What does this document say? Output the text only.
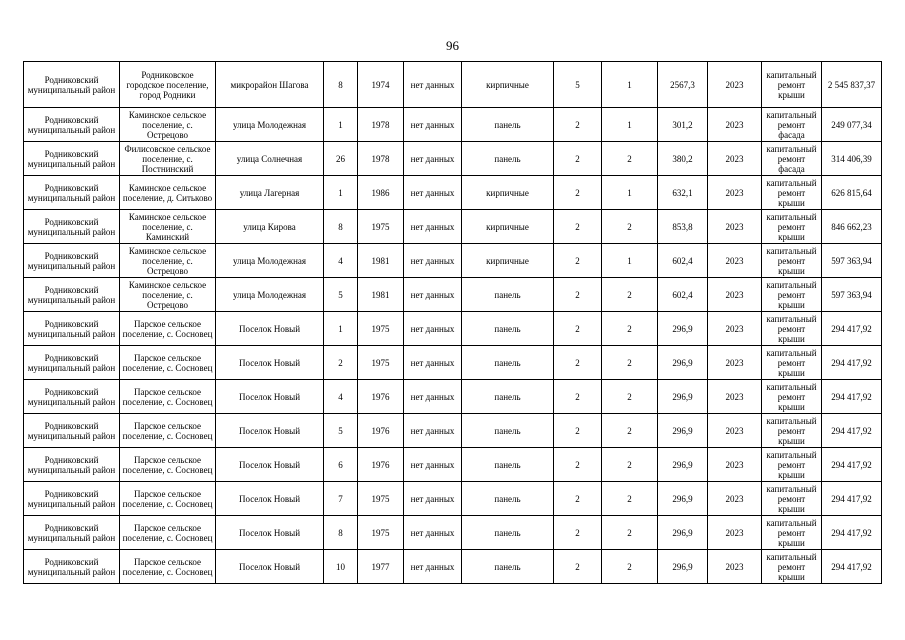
96
Родниковский муниципальный район	Родниковское городское поселение, город Родники	микрорайон Шагова	8	1974	нет данных	кирпичные	5	1	2567,3	2023	капитальный ремонт крыши	2 545 837,37
Родниковский муниципальный район	Каминское сельское поселение, с. Острецово	улица Молодежная	1	1978	нет данных	панель	2	1	301,2	2023	капитальный ремонт фасада	249 077,34
Родниковский муниципальный район	Филисовское сельское поселение, с. Постнинский	улица Солнечная	26	1978	нет данных	панель	2	2	380,2	2023	капитальный ремонт фасада	314 406,39
Родниковский муниципальный район	Каминское сельское поселение, д. Ситьково	улица Лагерная	1	1986	нет данных	кирпичные	2	1	632,1	2023	капитальный ремонт крыши	626 815,64
Родниковский муниципальный район	Каминское сельское поселение, с. Каминский	улица Кирова	8	1975	нет данных	кирпичные	2	2	853,8	2023	капитальный ремонт крыши	846 662,23
Родниковский муниципальный район	Каминское сельское поселение, с. Острецово	улица Молодежная	4	1981	нет данных	кирпичные	2	1	602,4	2023	капитальный ремонт крыши	597 363,94
Родниковский муниципальный район	Каминское сельское поселение, с. Острецово	улица Молодежная	5	1981	нет данных	панель	2	2	602,4	2023	капитальный ремонт крыши	597 363,94
Родниковский муниципальный район	Парское сельское поселение, с. Сосновец	Поселок Новый	1	1975	нет данных	панель	2	2	296,9	2023	капитальный ремонт крыши	294 417,92
Родниковский муниципальный район	Парское сельское поселение, с. Сосновец	Поселок Новый	2	1975	нет данных	панель	2	2	296,9	2023	капитальный ремонт крыши	294 417,92
Родниковский муниципальный район	Парское сельское поселение, с. Сосновец	Поселок Новый	4	1976	нет данных	панель	2	2	296,9	2023	капитальный ремонт крыши	294 417,92
Родниковский муниципальный район	Парское сельское поселение, с. Сосновец	Поселок Новый	5	1976	нет данных	панель	2	2	296,9	2023	капитальный ремонт крыши	294 417,92
Родниковский муниципальный район	Парское сельское поселение, с. Сосновец	Поселок Новый	6	1976	нет данных	панель	2	2	296,9	2023	капитальный ремонт крыши	294 417,92
Родниковский муниципальный район	Парское сельское поселение, с. Сосновец	Поселок Новый	7	1975	нет данных	панель	2	2	296,9	2023	капитальный ремонт крыши	294 417,92
Родниковский муниципальный район	Парское сельское поселение, с. Сосновец	Поселок Новый	8	1975	нет данных	панель	2	2	296,9	2023	капитальный ремонт крыши	294 417,92
Родниковский муниципальный район	Парское сельское поселение, с. Сосновец	Поселок Новый	10	1977	нет данных	панель	2	2	296,9	2023	капитальный ремонт крыши	294 417,92
